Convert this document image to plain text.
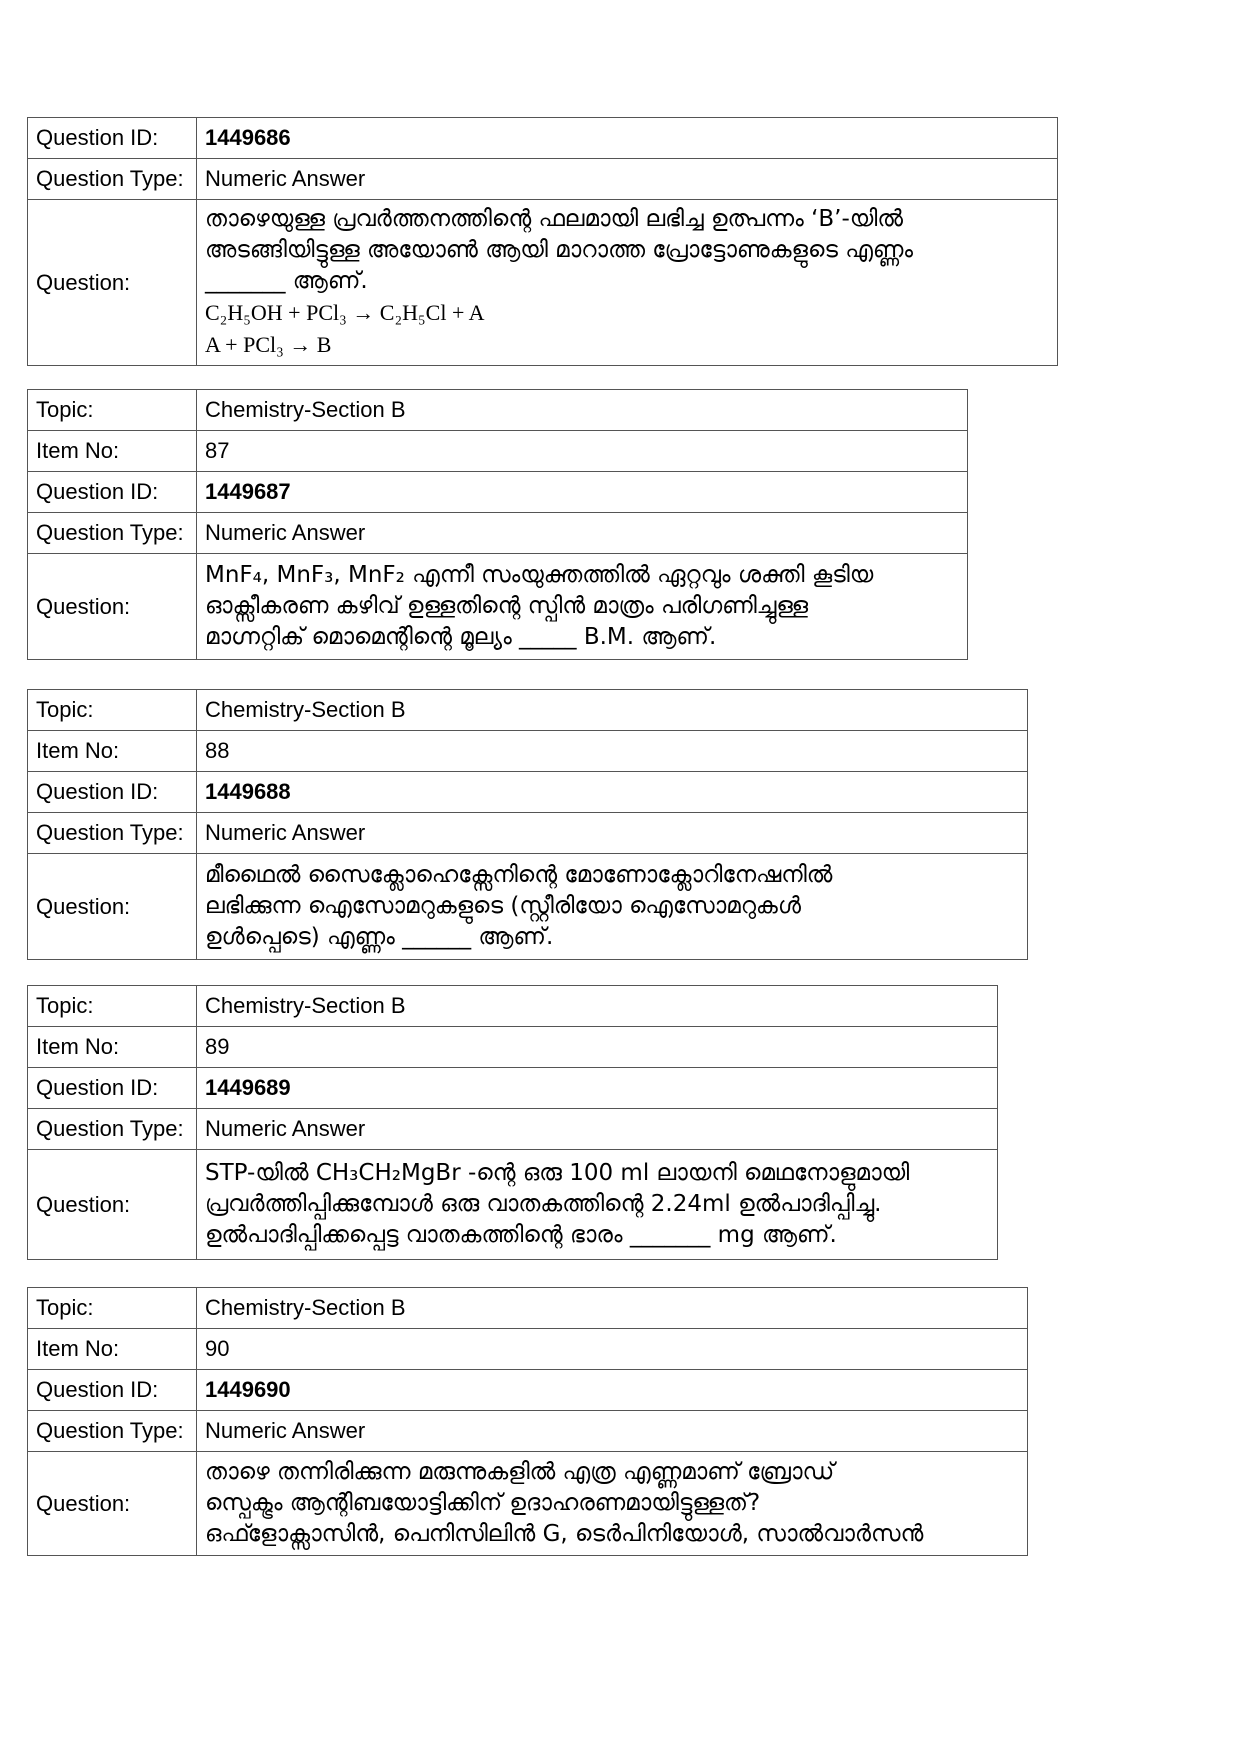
Question ID:	1449686
Question Type:	Numeric Answer
Question:	താഴെയുള്ള പ്രവർത്തനത്തിന്റെ ഫലമായി ലഭിച്ച ഉത്പന്നം ‘B’-യിൽ
അടങ്ങിയിട്ടുള്ള അയോൺ ആയി മാറാത്ത പ്രോട്ടോണുകളുടെ എണ്ണം
_______ ആണ്.
C₂H₅OH + PCl₃ → C₂H₅Cl + A
A + PCl₃ → B
Topic:	Chemistry-Section B
Item No:	87
Question ID:	1449687
Question Type:	Numeric Answer
Question:	MnF₄, MnF₃, MnF₂ എന്നീ സംയുക്തത്തിൽ ഏറ്റവും ശക്തി കൂടിയ
ഓക്സീകരണ കഴിവ് ഉള്ളതിന്റെ സ്പിൻ മാത്രം പരിഗണിച്ചുള്ള
മാഗ്നറ്റിക് മൊമെന്റിന്റെ മൂല്യം _____ B.M. ആണ്.
Topic:	Chemistry-Section B
Item No:	88
Question ID:	1449688
Question Type:	Numeric Answer
Question:	മീഥൈൽ സൈക്ലോഹെക്സേനിന്റെ മോണോക്ലോറിനേഷനിൽ
ലഭിക്കുന്ന ഐസോമറുകളുടെ (സ്റ്റീരിയോ ഐസോമറുകൾ
ഉൾപ്പെടെ) എണ്ണം ______ ആണ്.
Topic:	Chemistry-Section B
Item No:	89
Question ID:	1449689
Question Type:	Numeric Answer
Question:	STP-യിൽ CH₃CH₂MgBr -ന്റെ ഒരു 100 ml ലായനി മെഥനോളുമായി
പ്രവർത്തിപ്പിക്കുമ്പോൾ ഒരു വാതകത്തിന്റെ 2.24ml ഉൽപാദിപ്പിച്ചു.
ഉൽപാദിപ്പിക്കപ്പെട്ട വാതകത്തിന്റെ ഭാരം _______ mg ആണ്.
Topic:	Chemistry-Section B
Item No:	90
Question ID:	1449690
Question Type:	Numeric Answer
Question:	താഴെ തന്നിരിക്കുന്ന മരുന്നുകളിൽ എത്ര എണ്ണമാണ് ബ്രോഡ്
സ്പെക്ട്രം ആന്റിബയോട്ടിക്കിന് ഉദാഹരണമായിട്ടുള്ളത്?
ഒഫ്ളോക്സാസിൻ, പെനിസിലിൻ G, ടെർപിനിയോൾ, സാൽവാർസൻ
